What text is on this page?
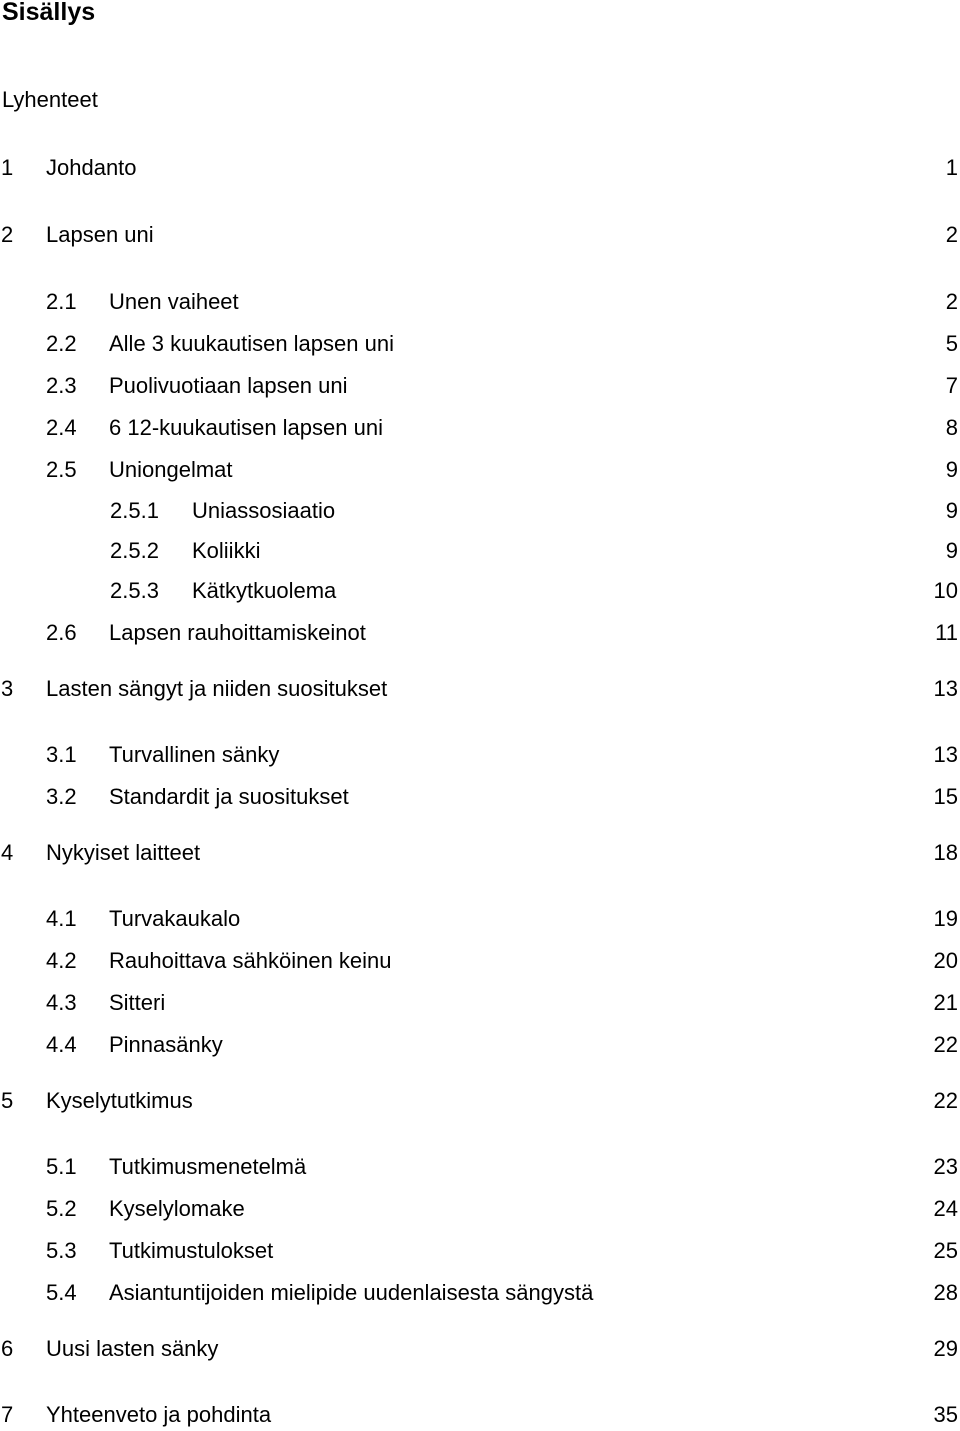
Sisällys
Lyhenteet
1 Johdanto	1
2 Lapsen uni	2
2.1 Unen vaiheet	2
2.2 Alle 3 kuukautisen lapsen uni	5
2.3 Puolivuotiaan lapsen uni	7
2.4 6 12-kuukautisen lapsen uni	8
2.5 Uniongelmat	9
2.5.1 Uniassosiaatio	9
2.5.2 Koliikki	9
2.5.3 Kätkytkuolema	10
2.6 Lapsen rauhoittamiskeinot	11
3 Lasten sängyt ja niiden suositukset	13
3.1 Turvallinen sänky	13
3.2 Standardit ja suositukset	15
4 Nykyiset laitteet	18
4.1 Turvakaukalo	19
4.2 Rauhoittava sähköinen keinu	20
4.3 Sitteri	21
4.4 Pinnasänky	22
5 Kyselytutkimus	22
5.1 Tutkimusmenetelmä	23
5.2 Kyselylomake	24
5.3 Tutkimustulokset	25
5.4 Asiantuntijoiden mielipide uudenlaisesta sängystä	28
6 Uusi lasten sänky	29
7 Yhteenveto ja pohdinta	35
